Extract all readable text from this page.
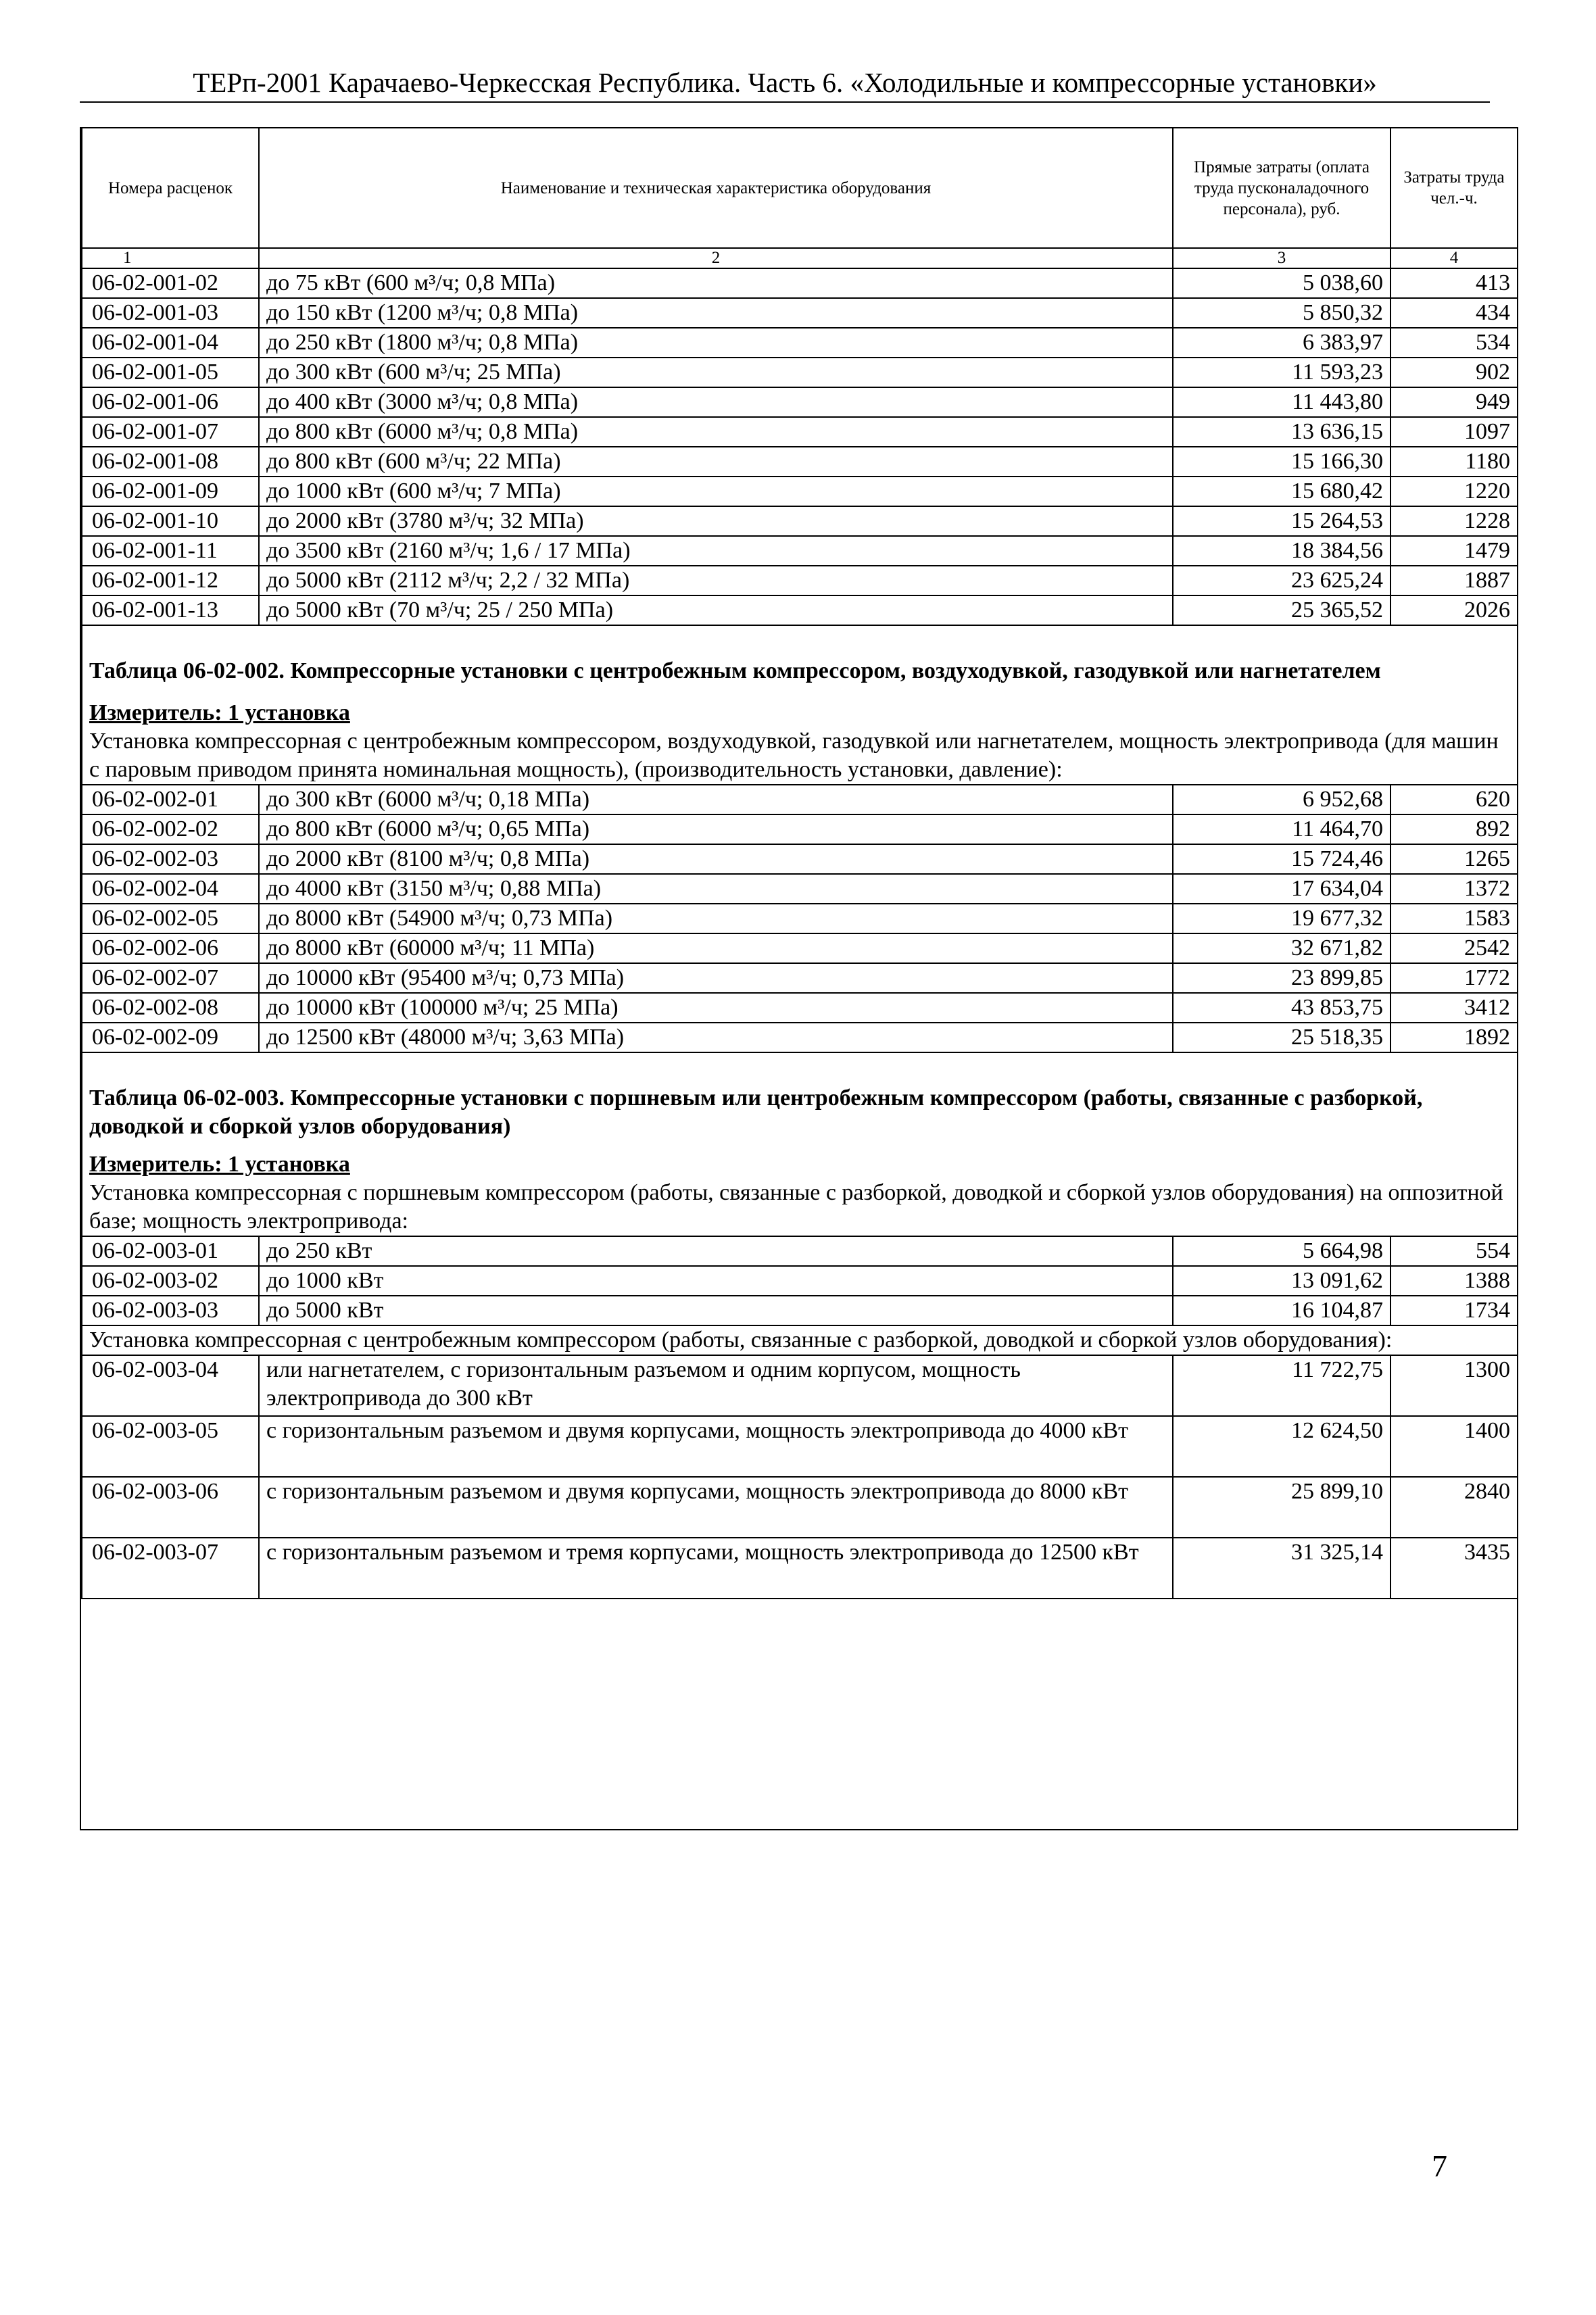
ТЕРп-2001 Карачаево-Черкесская Республика. Часть 6. «Холодильные и компрессорные установки»
Номера расценок	Наименование и техническая характеристика оборудования	Прямые затраты (оплата труда пусконаладочного персонала), руб.	Затраты труда чел.-ч.
1	2	3	4
06-02-001-02	до 75 кВт (600 м³/ч; 0,8 МПа)	5 038,60	413
06-02-001-03	до 150 кВт (1200 м³/ч; 0,8 МПа)	5 850,32	434
06-02-001-04	до 250 кВт (1800 м³/ч; 0,8 МПа)	6 383,97	534
06-02-001-05	до 300 кВт (600 м³/ч; 25 МПа)	11 593,23	902
06-02-001-06	до 400 кВт (3000 м³/ч; 0,8 МПа)	11 443,80	949
06-02-001-07	до 800 кВт (6000 м³/ч; 0,8 МПа)	13 636,15	1097
06-02-001-08	до 800 кВт (600 м³/ч; 22 МПа)	15 166,30	1180
06-02-001-09	до 1000 кВт (600 м³/ч; 7 МПа)	15 680,42	1220
06-02-001-10	до 2000 кВт (3780 м³/ч; 32 МПа)	15 264,53	1228
06-02-001-11	до 3500 кВт (2160 м³/ч; 1,6 / 17 МПа)	18 384,56	1479
06-02-001-12	до 5000 кВт (2112 м³/ч; 2,2 / 32 МПа)	23 625,24	1887
06-02-001-13	до 5000 кВт (70 м³/ч; 25 / 250 МПа)	25 365,52	2026

Таблица 06-02-002. Компрессорные установки с центробежным компрессором, воздуходувкой, газодувкой или нагнетателем			
Измеритель: 1 установка			
Установка компрессорная с центробежным компрессором, воздуходувкой, газодувкой или нагнетателем, мощность электропривода (для машин с паровым приводом принята номинальная мощность), (производительность установки, давление):			
06-02-002-01	до 300 кВт (6000 м³/ч; 0,18 МПа)	6 952,68	620
06-02-002-02	до 800 кВт (6000 м³/ч; 0,65 МПа)	11 464,70	892
06-02-002-03	до 2000 кВт (8100 м³/ч; 0,8 МПа)	15 724,46	1265
06-02-002-04	до 4000 кВт (3150 м³/ч; 0,88 МПа)	17 634,04	1372
06-02-002-05	до 8000 кВт (54900 м³/ч; 0,73 МПа)	19 677,32	1583
06-02-002-06	до 8000 кВт (60000 м³/ч; 11 МПа)	32 671,82	2542
06-02-002-07	до 10000 кВт (95400 м³/ч; 0,73 МПа)	23 899,85	1772
06-02-002-08	до 10000 кВт (100000 м³/ч; 25 МПа)	43 853,75	3412
06-02-002-09	до 12500 кВт (48000 м³/ч; 3,63 МПа)	25 518,35	1892

Таблица 06-02-003. Компрессорные установки с поршневым или центробежным компрессором (работы, связанные с разборкой, доводкой и сборкой узлов оборудования)			
Измеритель: 1 установка			
Установка компрессорная с поршневым компрессором (работы, связанные с разборкой, доводкой и сборкой узлов оборудования) на оппозитной базе; мощность электропривода:			
06-02-003-01	до 250 кВт	5 664,98	554
06-02-003-02	до 1000 кВт	13 091,62	1388
06-02-003-03	до 5000 кВт	16 104,87	1734
Установка компрессорная с центробежным компрессором (работы, связанные с разборкой, доводкой и сборкой узлов оборудования):			
06-02-003-04	или нагнетателем, с горизонтальным разъемом и одним корпусом, мощность электропривода до 300 кВт	11 722,75	1300
06-02-003-05	с горизонтальным разъемом и двумя корпусами, мощность электропривода до 4000 кВт	12 624,50	1400
06-02-003-06	с горизонтальным разъемом и двумя корпусами, мощность электропривода до 8000 кВт	25 899,10	2840
06-02-003-07	с горизонтальным разъемом и тремя корпусами, мощность электропривода до 12500 кВт	31 325,14	3435
7
